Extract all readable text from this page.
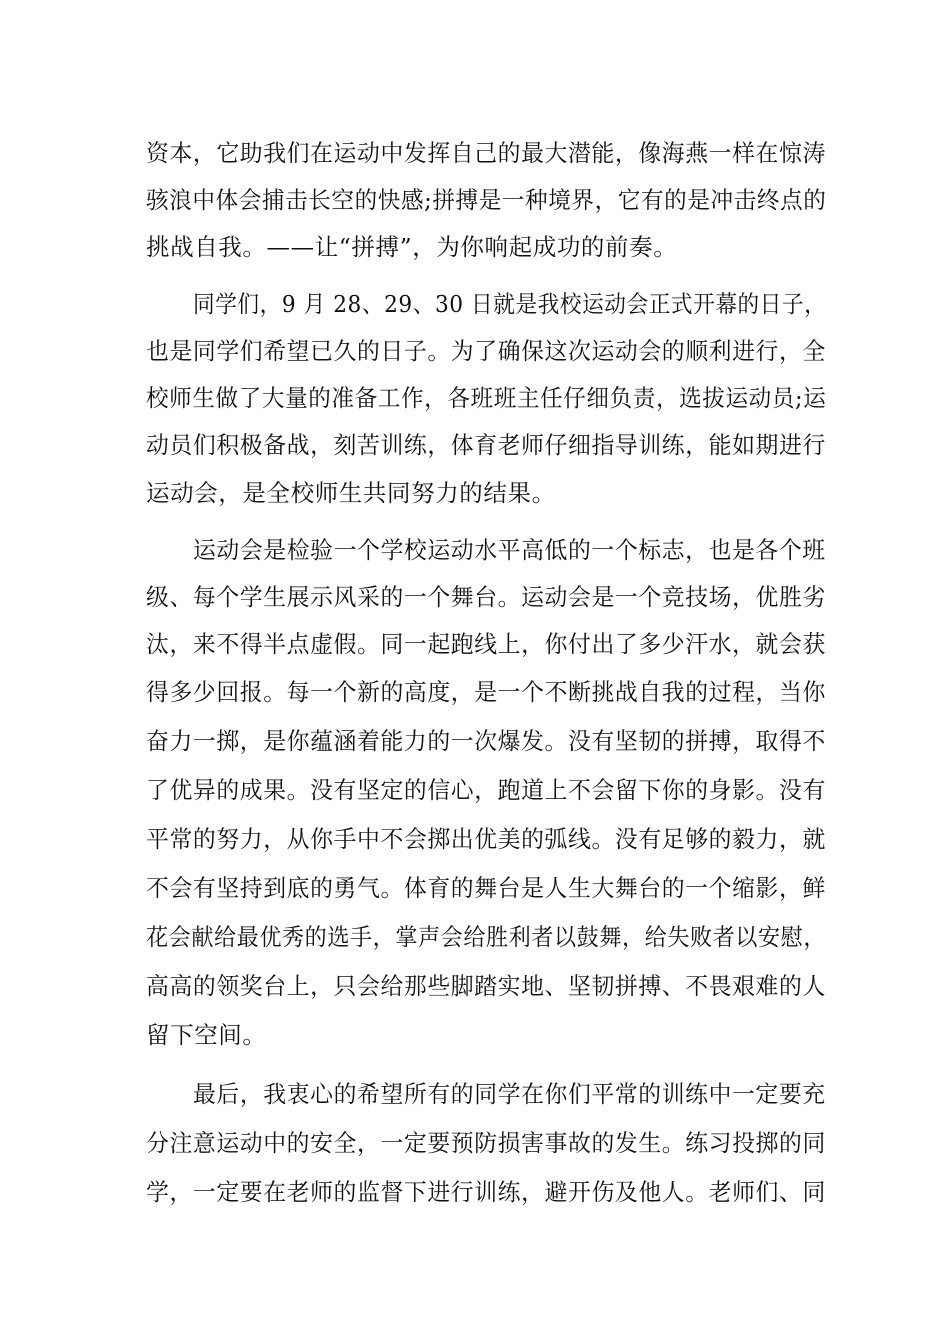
资本，它助我们在运动中发挥自己的最大潜能，像海燕一样在惊涛
骇浪中体会捕击长空的快感;拼搏是一种境界，它有的是冲击终点的
挑战自我。——让“拼搏”，为你响起成功的前奏。
同学们，9 月 28、29、30 日就是我校运动会正式开幕的日子，
也是同学们希望已久的日子。为了确保这次运动会的顺利进行，全
校师生做了大量的准备工作，各班班主任仔细负责，选拔运动员;运
动员们积极备战，刻苦训练，体育老师仔细指导训练，能如期进行
运动会，是全校师生共同努力的结果。
运动会是检验一个学校运动水平高低的一个标志，也是各个班
级、每个学生展示风采的一个舞台。运动会是一个竞技场，优胜劣
汰，来不得半点虚假。同一起跑线上，你付出了多少汗水，就会获
得多少回报。每一个新的高度，是一个不断挑战自我的过程，当你
奋力一掷，是你蕴涵着能力的一次爆发。没有坚韧的拼搏，取得不
了优异的成果。没有坚定的信心，跑道上不会留下你的身影。没有
平常的努力，从你手中不会掷出优美的弧线。没有足够的毅力，就
不会有坚持到底的勇气。体育的舞台是人生大舞台的一个缩影，鲜
花会献给最优秀的选手，掌声会给胜利者以鼓舞，给失败者以安慰，
高高的领奖台上，只会给那些脚踏实地、坚韧拼搏、不畏艰难的人
留下空间。
最后，我衷心的希望所有的同学在你们平常的训练中一定要充
分注意运动中的安全，一定要预防损害事故的发生。练习投掷的同
学，一定要在老师的监督下进行训练，避开伤及他人。老师们、同
